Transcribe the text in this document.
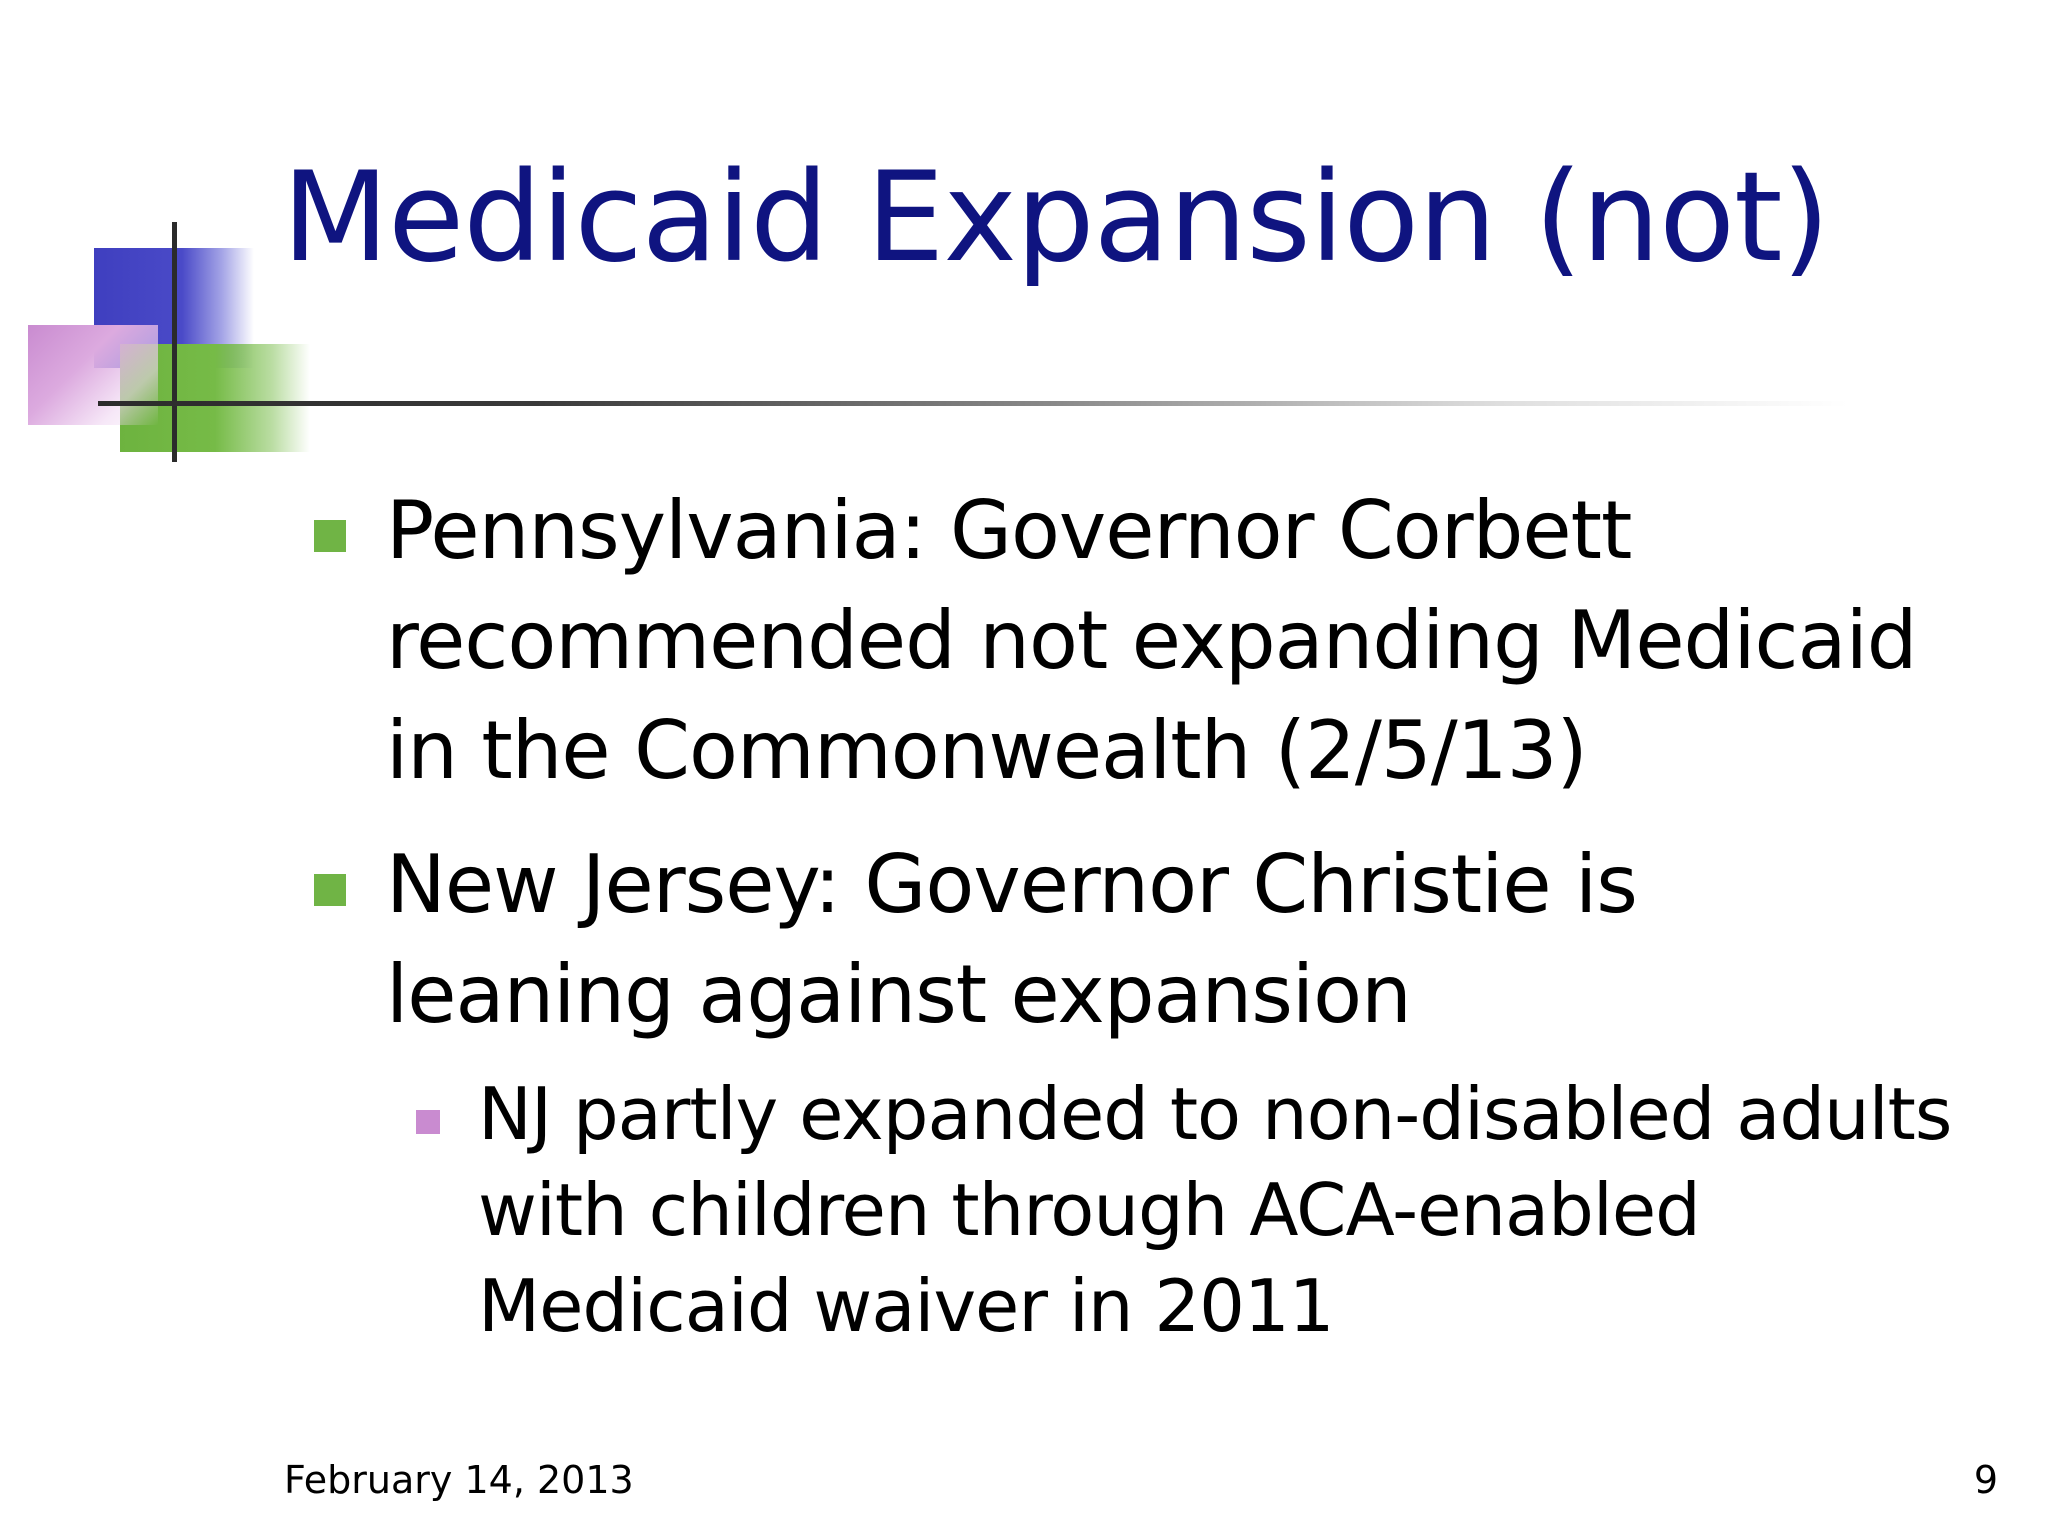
Medicaid Expansion (not)
Pennsylvania: Governor Corbett
recommended not expanding Medicaid
in the Commonwealth (2/5/13)
New Jersey: Governor Christie is
leaning against expansion
NJ partly expanded to non-disabled adults
with children through ACA-enabled
Medicaid waiver in 2011
February 14, 2013	9
